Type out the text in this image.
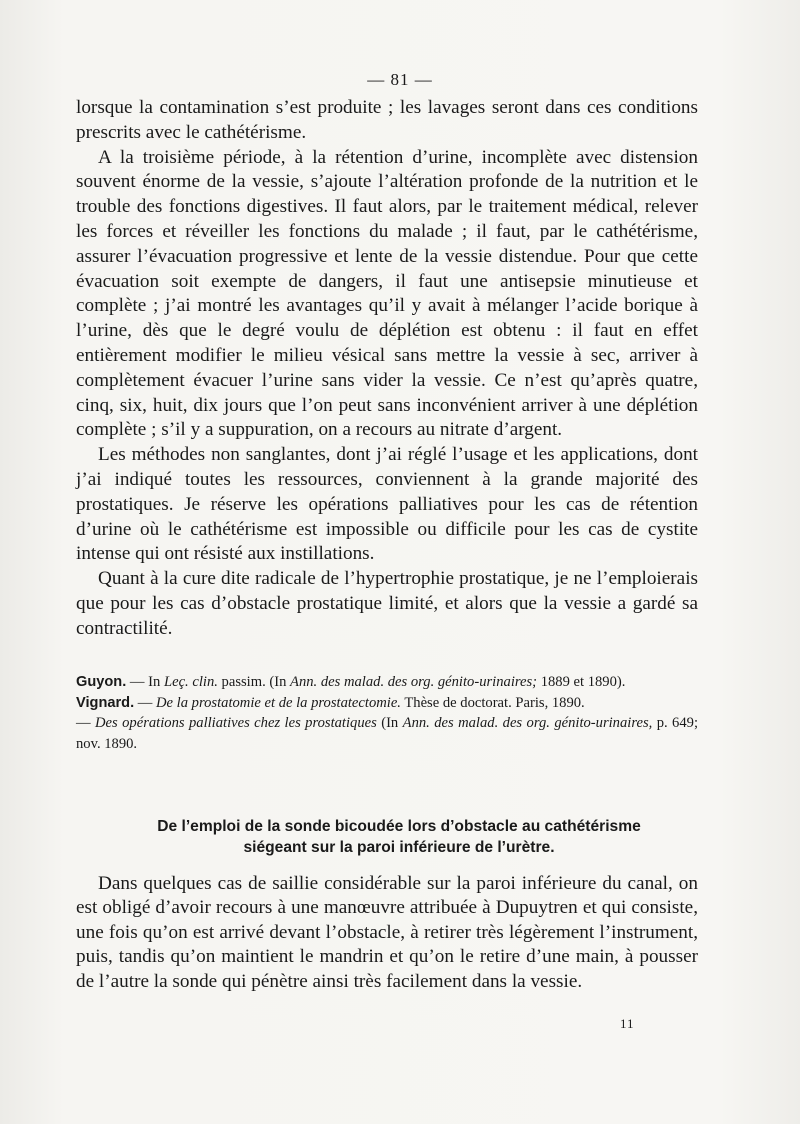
— 81 —

lorsque la contamination s’est produite ; les lavages seront dans ces conditions prescrits avec le cathétérisme.

A la troisième période, à la rétention d’urine, incomplète avec distension souvent énorme de la vessie, s’ajoute l’altération profonde de la nutrition et le trouble des fonctions digestives. Il faut alors, par le traitement médical, relever les forces et réveiller les fonctions du malade ; il faut, par le cathétérisme, assurer l’évacuation progressive et lente de la vessie distendue. Pour que cette évacuation soit exempte de dangers, il faut une antisepsie minutieuse et complète ; j’ai montré les avantages qu’il y avait à mélanger l’acide borique à l’urine, dès que le degré voulu de déplétion est obtenu : il faut en effet entièrement modifier le milieu vésical sans mettre la vessie à sec, arriver à complètement évacuer l’urine sans vider la vessie. Ce n’est qu’après quatre, cinq, six, huit, dix jours que l’on peut sans inconvénient arriver à une déplétion complète ; s’il y a suppuration, on a recours au nitrate d’argent.

Les méthodes non sanglantes, dont j’ai réglé l’usage et les applications, dont j’ai indiqué toutes les ressources, conviennent à la grande majorité des prostatiques. Je réserve les opérations palliatives pour les cas de rétention d’urine où le cathétérisme est impossible ou difficile pour les cas de cystite intense qui ont résisté aux instillations.

Quant à la cure dite radicale de l’hypertrophie prostatique, je ne l’emploierais que pour les cas d’obstacle prostatique limité, et alors que la vessie a gardé sa contractilité.

Guyon. — In Leç. clin. passim. (In Ann. des malad. des org. génito-urinaires; 1889 et 1890).

Vignard. — De la prostatomie et de la prostatectomie. Thèse de doctorat. Paris, 1890.

— Des opérations palliatives chez les prostatiques (In Ann. des malad. des org. génito-urinaires, p. 649; nov. 1890.

De l’emploi de la sonde bicoudée lors d’obstacle au cathétérisme
siégeant sur la paroi inférieure de l’urètre.

Dans quelques cas de saillie considérable sur la paroi inférieure du canal, on est obligé d’avoir recours à une manœuvre attribuée à Dupuytren et qui consiste, une fois qu’on est arrivé devant l’obstacle, à retirer très légèrement l’instrument, puis, tandis qu’on maintient le mandrin et qu’on le retire d’une main, à pousser de l’autre la sonde qui pénètre ainsi très facilement dans la vessie.

11
